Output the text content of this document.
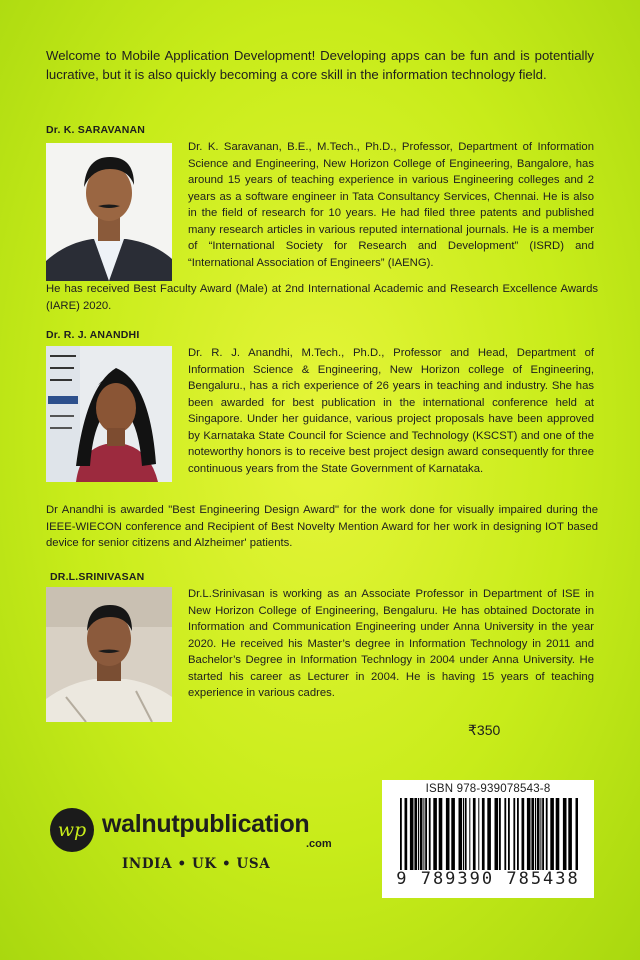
Welcome to Mobile Application Development! Developing apps can be fun and is potentially lucrative, but it is also quickly becoming a core skill in the information technology field.
Dr. K. SARAVANAN
Dr. K. Saravanan, B.E., M.Tech., Ph.D., Professor, Department of Information Science and Engineering, New Horizon College of Engineering, Bangalore, has around 15 years of teaching experience in various Engineering colleges and 2 years as a software engineer in Tata Consultancy Services, Chennai. He is also in the field of research for 10 years. He had filed three patents and published many research articles in various reputed international journals. He is a member of “International Society for Research and Development” (ISRD) and “International Association of Engineers” (IAENG).
He has received Best Faculty Award (Male) at 2nd International Academic and Research Excellence Awards (IARE) 2020.
Dr. R. J. ANANDHI
Dr. R. J. Anandhi, M.Tech., Ph.D., Professor and Head, Department of Information Science & Engineering, New Horizon college of Engineering, Bengaluru., has a rich experience of 26 years in teaching and industry. She has been awarded for best publication in the international conference held at Singapore. Under her guidance, various project proposals have been approved by Karnataka State Council for Science and Technology (KSCST) and one of the noteworthy honors is to receive best project design award consequently for three continuous years from the State Government of Karnataka.
Dr Anandhi is awarded "Best Engineering Design Award" for the work done for visually impaired during the IEEE-WIECON conference and Recipient of Best Novelty Mention Award for her work in designing IOT based device for senior citizens and Alzheimer' patients.
DR.L.SRINIVASAN
Dr.L.Srinivasan is working as an Associate Professor in Department of ISE in New Horizon College of Engineering, Bengaluru. He has obtained Doctorate in Information and Communication Engineering under Anna University in the year 2020. He received his Master’s degree in Information Technology in 2011 and Bachelor’s Degree in Information Technlogy in 2004 under Anna University. He started his career as Lecturer in 2004. He is having 15 years of teaching experience in various cadres.
₹350
ISBN 978-939078543-8
9 789390 785438
wp walnutpublication
.com
INDIA • UK • USA
